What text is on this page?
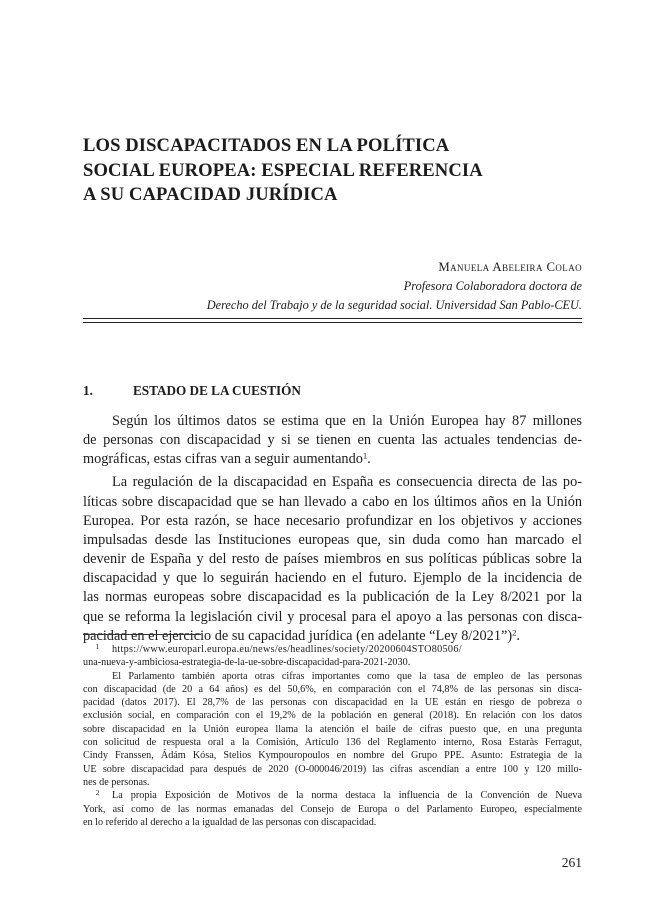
LOS DISCAPACITADOS EN LA POLÍTICA
SOCIAL EUROPEA: ESPECIAL REFERENCIA
A SU CAPACIDAD JURÍDICA
Manuela Abeleira Colao
Profesora Colaboradora doctora de
Derecho del Trabajo y de la seguridad social. Universidad San Pablo-CEU.
1.	ESTADO DE LA CUESTIÓN
Según los últimos datos se estima que en la Unión Europea hay 87 millones
de personas con discapacidad y si se tienen en cuenta las actuales tendencias de-
mográficas, estas cifras van a seguir aumentando$^1$.
La regulación de la discapacidad en España es consecuencia directa de las po-
líticas sobre discapacidad que se han llevado a cabo en los últimos años en la Unión
Europea. Por esta razón, se hace necesario profundizar en los objetivos y acciones
impulsadas desde las Instituciones europeas que, sin duda como han marcado el
devenir de España y del resto de países miembros en sus políticas públicas sobre la
discapacidad y que lo seguirán haciendo en el futuro. Ejemplo de la incidencia de
las normas europeas sobre discapacidad es la publicación de la Ley 8/2021 por la
que se reforma la legislación civil y procesal para el apoyo a las personas con disca-
pacidad en el ejercicio de su capacidad jurídica (en adelante “Ley 8/2021”)$^2$.
1 https://www.europarl.europa.eu/news/es/headlines/society/20200604STO80506/
una-nueva-y-ambiciosa-estrategia-de-la-ue-sobre-discapacidad-para-2021-2030.
El Parlamento también aporta otras cifras importantes como que la tasa de empleo de las personas
con discapacidad (de 20 a 64 años) es del 50,6%, en comparación con el 74,8% de las personas sin disca-
pacidad (datos 2017). El 28,7% de las personas con discapacidad en la UE están en riesgo de pobreza o
exclusión social, en comparación con el 19,2% de la población en general (2018). En relación con los datos
sobre discapacidad en la Unión europea llama la atención el baile de cifras puesto que, en una pregunta
con solicitud de respuesta oral a la Comisión, Artículo 136 del Reglamento interno, Rosa Estaràs Ferragut,
Cindy Franssen, Ádám Kósa, Stelios Kympouropoulos en nombre del Grupo PPE. Asunto: Estrategia de la
UE sobre discapacidad para después de 2020 (O-000046/2019) las cifras ascendían a entre 100 y 120 millo-
nes de personas.
2 La propia Exposición de Motivos de la norma destaca la influencia de la Convención de Nueva
York, así como de las normas emanadas del Consejo de Europa o del Parlamento Europeo, especialmente
en lo referido al derecho a la igualdad de las personas con discapacidad.
261
